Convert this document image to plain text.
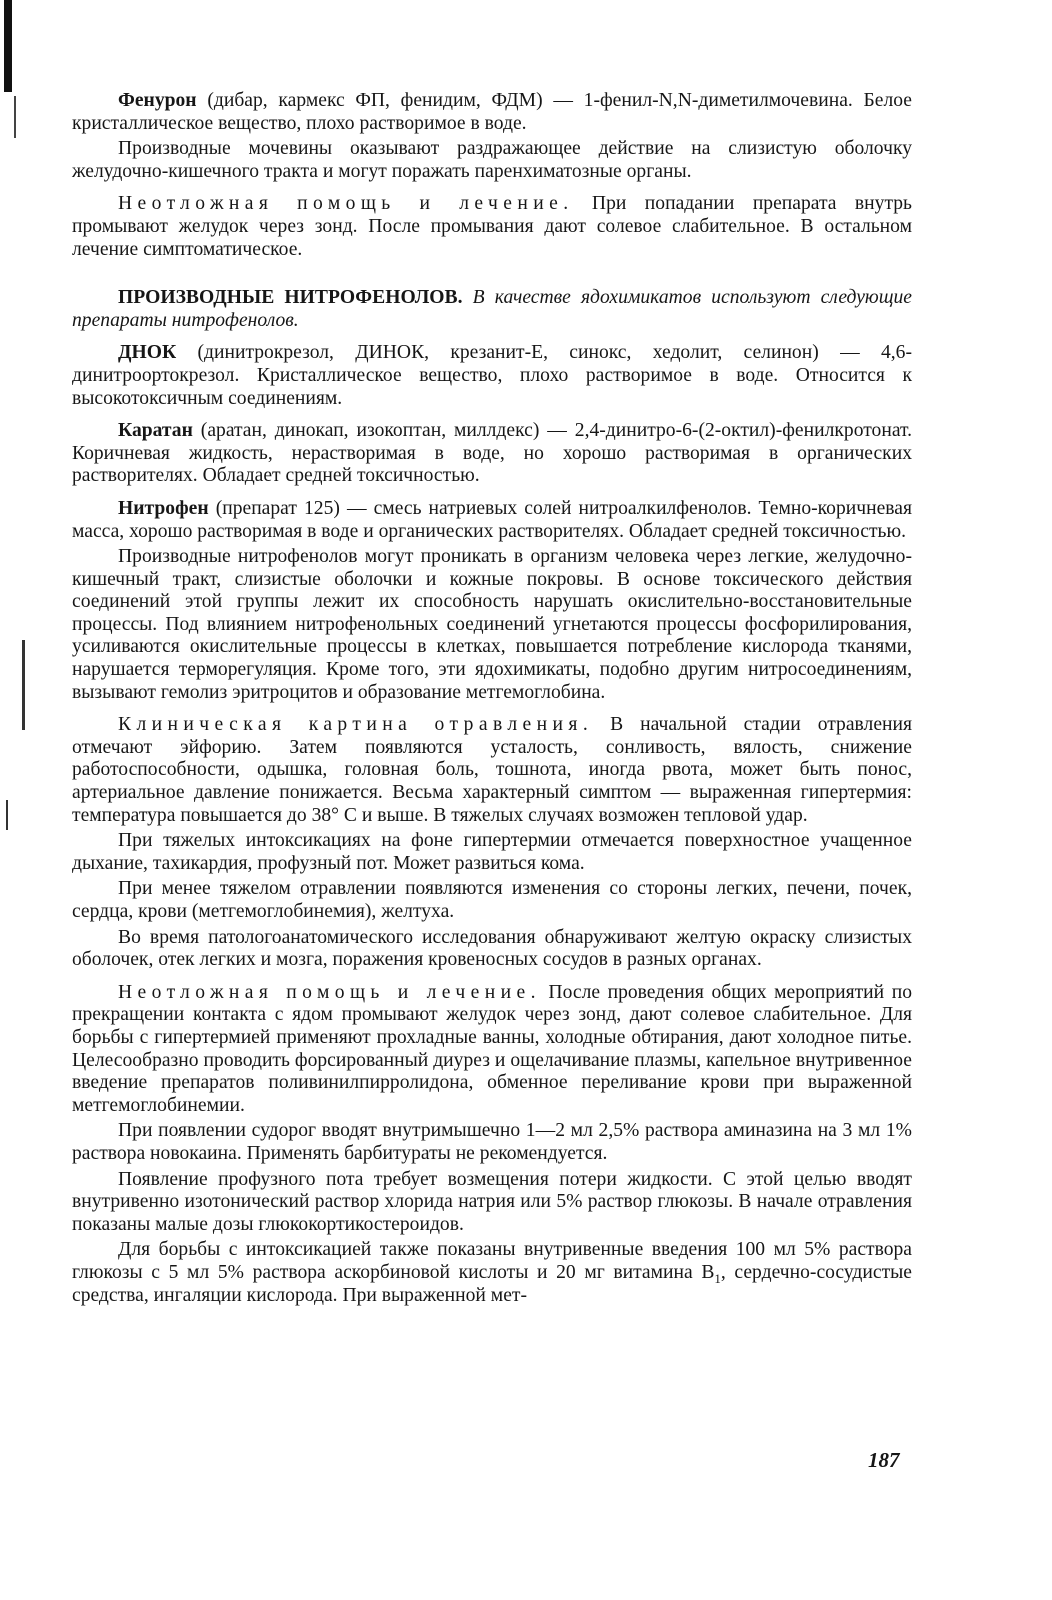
Фенурон (дибар, кармекс ФП, фенидим, ФДМ) — 1-фенил-N,N-диметилмочевина. Белое кристаллическое вещество, плохо растворимое в воде.

Производные мочевины оказывают раздражающее действие на слизистую оболочку желудочно-кишечного тракта и могут поражать паренхиматозные органы.

Неотложная помощь и лечение. При попадании препарата внутрь промывают желудок через зонд. После промывания дают солевое слабительное. В остальном лечение симптоматическое.

ПРОИЗВОДНЫЕ НИТРОФЕНОЛОВ. В качестве ядохимикатов используют следующие препараты нитрофенолов.

ДНОК (динитрокрезол, ДИНОК, крезанит-Е, синокс, хедолит, селинон) — 4,6-динитроортокрезол. Кристаллическое вещество, плохо растворимое в воде. Относится к высокотоксичным соединениям.

Каратан (аратан, динокап, изокоптан, миллдекс) — 2,4-динитро-6-(2-октил)-фенилкротонат. Коричневая жидкость, нерастворимая в воде, но хорошо растворимая в органических растворителях. Обладает средней токсичностью.

Нитрофен (препарат 125) — смесь натриевых солей нитроалкилфенолов. Темно-коричневая масса, хорошо растворимая в воде и органических растворителях. Обладает средней токсичностью.

Производные нитрофенолов могут проникать в организм человека через легкие, желудочно-кишечный тракт, слизистые оболочки и кожные покровы. В основе токсического действия соединений этой группы лежит их способность нарушать окислительно-восстановительные процессы. Под влиянием нитрофенольных соединений угнетаются процессы фосфорилирования, усиливаются окислительные процессы в клетках, повышается потребление кислорода тканями, нарушается терморегуляция. Кроме того, эти ядохимикаты, подобно другим нитросоединениям, вызывают гемолиз эритроцитов и образование метгемоглобина.

Клиническая картина отравления. В начальной стадии отравления отмечают эйфорию. Затем появляются усталость, сонливость, вялость, снижение работоспособности, одышка, головная боль, тошнота, иногда рвота, может быть понос, артериальное давление понижается. Весьма характерный симптом — выраженная гипертермия: температура повышается до 38° С и выше. В тяжелых случаях возможен тепловой удар.

При тяжелых интоксикациях на фоне гипертермии отмечается поверхностное учащенное дыхание, тахикардия, профузный пот. Может развиться кома.

При менее тяжелом отравлении появляются изменения со стороны легких, печени, почек, сердца, крови (метгемоглобинемия), желтуха.

Во время патологоанатомического исследования обнаруживают желтую окраску слизистых оболочек, отек легких и мозга, поражения кровеносных сосудов в разных органах.

Неотложная помощь и лечение. После проведения общих мероприятий по прекращении контакта с ядом промывают желудок через зонд, дают солевое слабительное. Для борьбы с гипертермией применяют прохладные ванны, холодные обтирания, дают холодное питье. Целесообразно проводить форсированный диурез и ощелачивание плазмы, капельное внутривенное введение препаратов поливинилпирролидона, обменное переливание крови при выраженной метгемоглобинемии.

При появлении судорог вводят внутримышечно 1—2 мл 2,5% раствора аминазина на 3 мл 1% раствора новокаина. Применять барбитураты не рекомендуется.

Появление профузного пота требует возмещения потери жидкости. С этой целью вводят внутривенно изотонический раствор хлорида натрия или 5% раствор глюкозы. В начале отравления показаны малые дозы глюкокортикостероидов.

Для борьбы с интоксикацией также показаны внутривенные введения 100 мл 5% раствора глюкозы с 5 мл 5% раствора аскорбиновой кислоты и 20 мг витамина $B_1$, сердечно-сосудистые средства, ингаляции кислорода. При выраженной мет-

187
